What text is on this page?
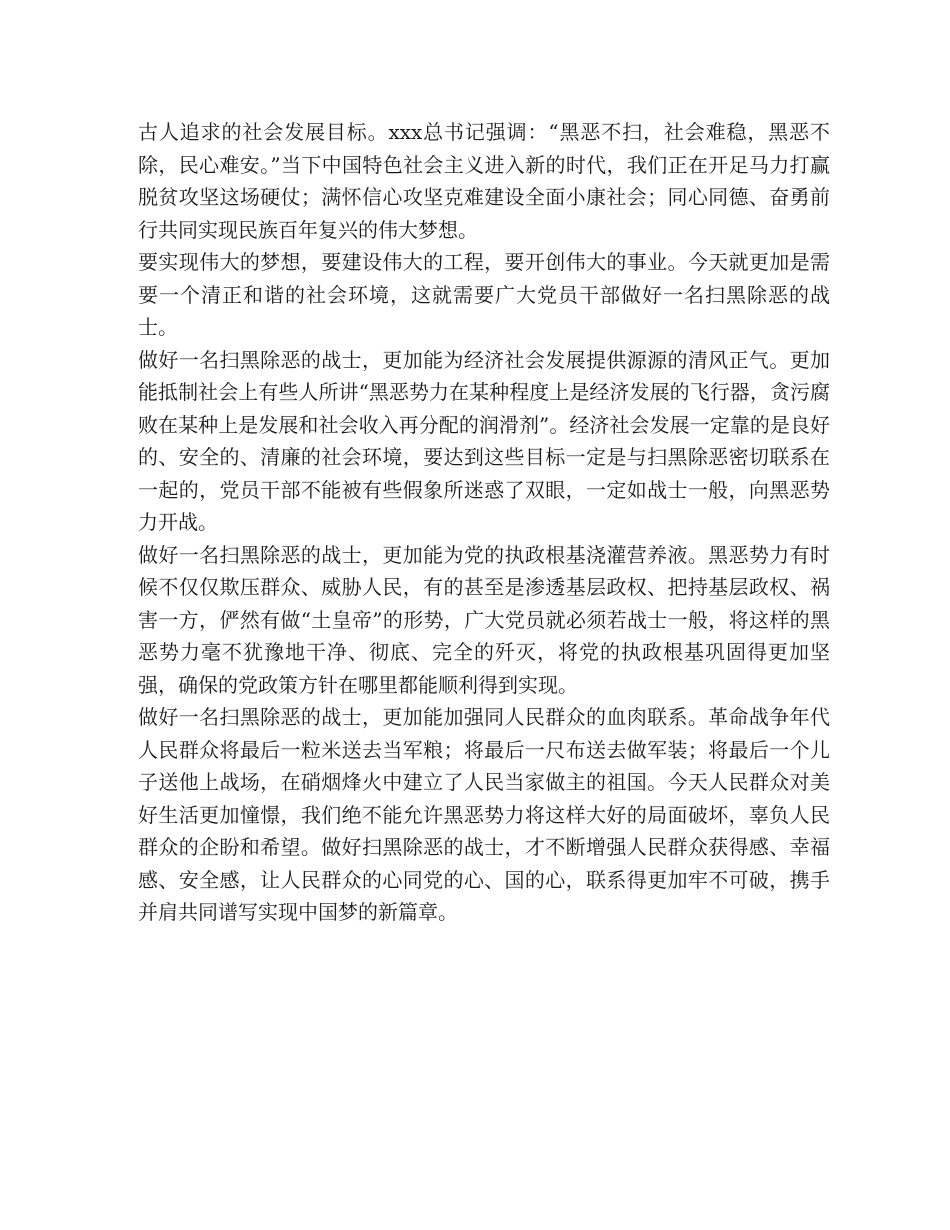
古人追求的社会发展目标。xxx总书记强调：“黑恶不扫，社会难稳，黑恶不除，民心难安。”当下中国特色社会主义进入新的时代，我们正在开足马力打赢脱贫攻坚这场硬仗；满怀信心攻坚克难建设全面小康社会；同心同德、奋勇前行共同实现民族百年复兴的伟大梦想。

要实现伟大的梦想，要建设伟大的工程，要开创伟大的事业。今天就更加是需要一个清正和谐的社会环境，这就需要广大党员干部做好一名扫黑除恶的战士。

做好一名扫黑除恶的战士，更加能为经济社会发展提供源源的清风正气。更加能抵制社会上有些人所讲“黑恶势力在某种程度上是经济发展的飞行器，贪污腐败在某种上是发展和社会收入再分配的润滑剂”。经济社会发展一定靠的是良好的、安全的、清廉的社会环境，要达到这些目标一定是与扫黑除恶密切联系在一起的，党员干部不能被有些假象所迷惑了双眼，一定如战士一般，向黑恶势力开战。

做好一名扫黑除恶的战士，更加能为党的执政根基浇灌营养液。黑恶势力有时候不仅仅欺压群众、威胁人民，有的甚至是渗透基层政权、把持基层政权、祸害一方，俨然有做“土皇帝”的形势，广大党员就必须若战士一般，将这样的黑恶势力毫不犹豫地干净、彻底、完全的歼灭，将党的执政根基巩固得更加坚强，确保的党政策方针在哪里都能顺利得到实现。

做好一名扫黑除恶的战士，更加能加强同人民群众的血肉联系。革命战争年代人民群众将最后一粒米送去当军粮；将最后一尺布送去做军装；将最后一个儿子送他上战场，在硝烟烽火中建立了人民当家做主的祖国。今天人民群众对美好生活更加憧憬，我们绝不能允许黑恶势力将这样大好的局面破坏，辜负人民群众的企盼和希望。做好扫黑除恶的战士，才不断增强人民群众获得感、幸福感、安全感，让人民群众的心同党的心、国的心，联系得更加牢不可破，携手并肩共同谱写实现中国梦的新篇章。
